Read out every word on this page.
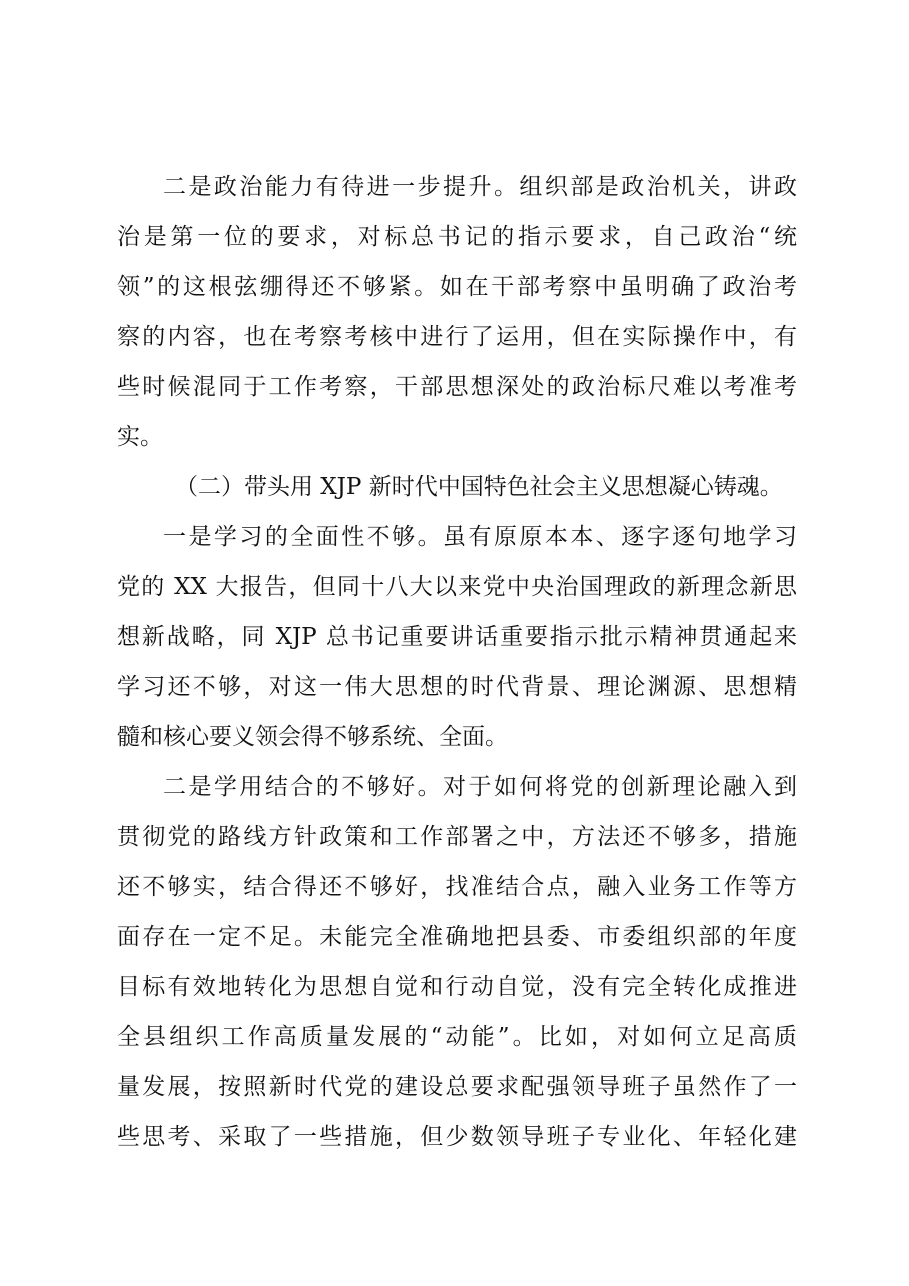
二是政治能力有待进一步提升。组织部是政治机关，讲政
治是第一位的要求，对标总书记的指示要求，自己政治“统
领”的这根弦绷得还不够紧。如在干部考察中虽明确了政治考
察的内容，也在考察考核中进行了运用，但在实际操作中，有
些时候混同于工作考察，干部思想深处的政治标尺难以考准考
实。
（二）带头用 XJP 新时代中国特色社会主义思想凝心铸魂。
一是学习的全面性不够。虽有原原本本、逐字逐句地学习
党的 XX 大报告，但同十八大以来党中央治国理政的新理念新思
想新战略，同 XJP 总书记重要讲话重要指示批示精神贯通起来
学习还不够，对这一伟大思想的时代背景、理论渊源、思想精
髓和核心要义领会得不够系统、全面。
二是学用结合的不够好。对于如何将党的创新理论融入到
贯彻党的路线方针政策和工作部署之中，方法还不够多，措施
还不够实，结合得还不够好，找准结合点，融入业务工作等方
面存在一定不足。未能完全准确地把县委、市委组织部的年度
目标有效地转化为思想自觉和行动自觉，没有完全转化成推进
全县组织工作高质量发展的“动能”。比如，对如何立足高质
量发展，按照新时代党的建设总要求配强领导班子虽然作了一
些思考、采取了一些措施，但少数领导班子专业化、年轻化建
